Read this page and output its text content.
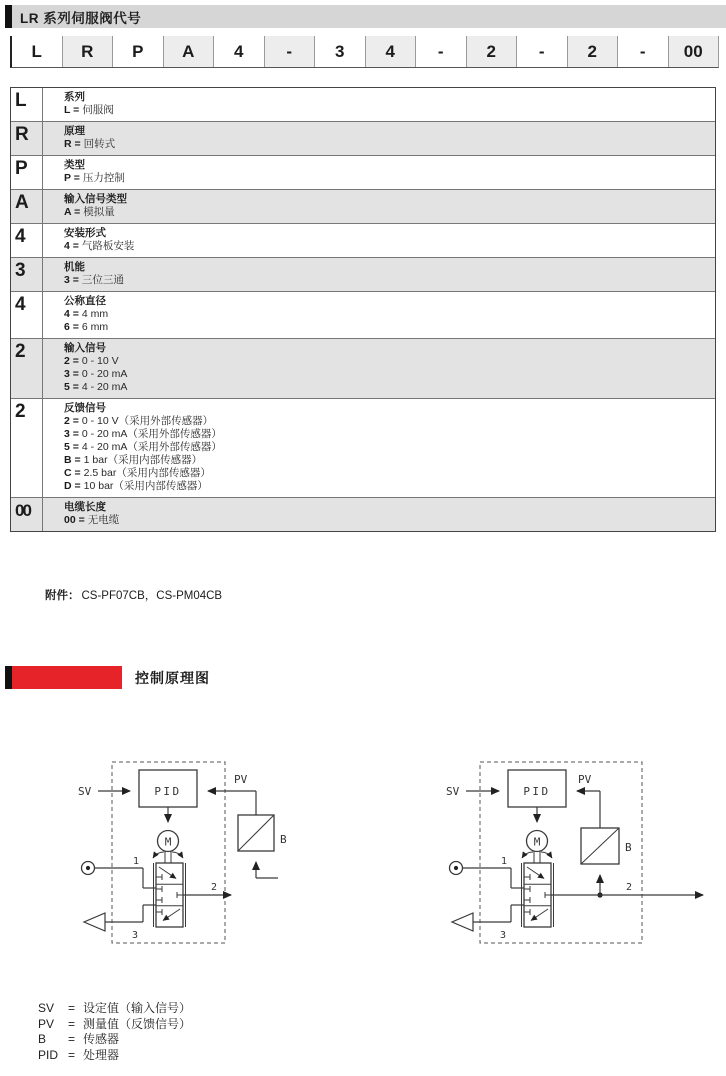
LR 系列伺服阀代号
L	R	P	A	4	-	3	4	-	2	-	2	-	00
L	系列
L = 伺服阀
R	原理
R = 回转式
P	类型
P = 压力控制
A	输入信号类型
A = 模拟量
4	安装形式
4 = 气路板安装
3	机能
3 = 三位三通
4	公称直径
4 = 4 mm
6 = 6 mm
2	输入信号
2 = 0 - 10 V
3 = 0 - 20 mA
5 = 4 - 20 mA
2	反馈信号
2 = 0 - 10 V（采用外部传感器）
3 = 0 - 20 mA（采用外部传感器）
5 = 4 - 20 mA（采用外部传感器）
B = 1 bar（采用内部传感器）
C = 2.5 bar（采用内部传感器）
D = 10 bar（采用内部传感器）
00	电缆长度
00 = 无电缆
附件： CS-PF07CB，CS-PM04CB
控制原理图
PID
SV
PV
B
M
2
1
3
PID
SV
PV
B
M
2
1
3
SV	= 设定值（输入信号）
PV	= 测量值（反馈信号）
B	= 传感器
PID = 处理器
